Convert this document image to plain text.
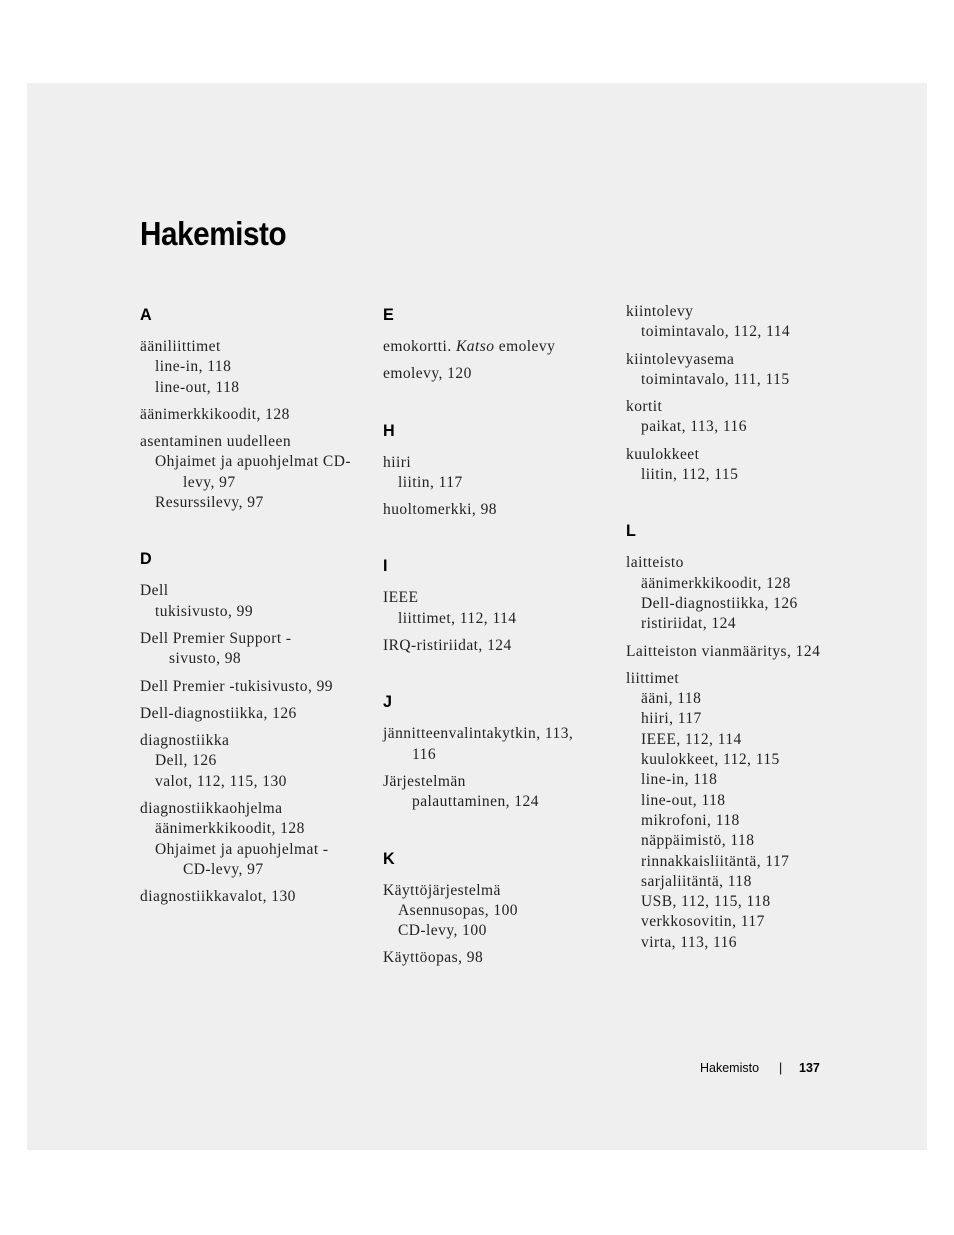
Hakemisto
A
ääniliittimet
line-in, 118
line-out, 118
äänimerkkikoodit, 128
asentaminen uudelleen
Ohjaimet ja apuohjelmat CD-
levy, 97
Resurssilevy, 97
D
Dell
tukisivusto, 99
Dell Premier Support -
sivusto, 98
Dell Premier -tukisivusto, 99
Dell-diagnostiikka, 126
diagnostiikka
Dell, 126
valot, 112, 115, 130
diagnostiikkaohjelma
äänimerkkikoodit, 128
Ohjaimet ja apuohjelmat -
CD-levy, 97
diagnostiikkavalot, 130
E
emokortti. Katso emolevy
emolevy, 120
H
hiiri
liitin, 117
huoltomerkki, 98
I
IEEE
liittimet, 112, 114
IRQ-ristiriidat, 124
J
jännitteenvalintakytkin, 113,
116
Järjestelmän
palauttaminen, 124
K
Käyttöjärjestelmä
Asennusopas, 100
CD-levy, 100
Käyttöopas, 98
kiintolevy
toimintavalo, 112, 114
kiintolevyasema
toimintavalo, 111, 115
kortit
paikat, 113, 116
kuulokkeet
liitin, 112, 115
L
laitteisto
äänimerkkikoodit, 128
Dell-diagnostiikka, 126
ristiriidat, 124
Laitteiston vianmääritys, 124
liittimet
ääni, 118
hiiri, 117
IEEE, 112, 114
kuulokkeet, 112, 115
line-in, 118
line-out, 118
mikrofoni, 118
näppäimistö, 118
rinnakkaisliitäntä, 117
sarjaliitäntä, 118
USB, 112, 115, 118
verkkosovitin, 117
virta, 113, 116
Hakemisto | 137
